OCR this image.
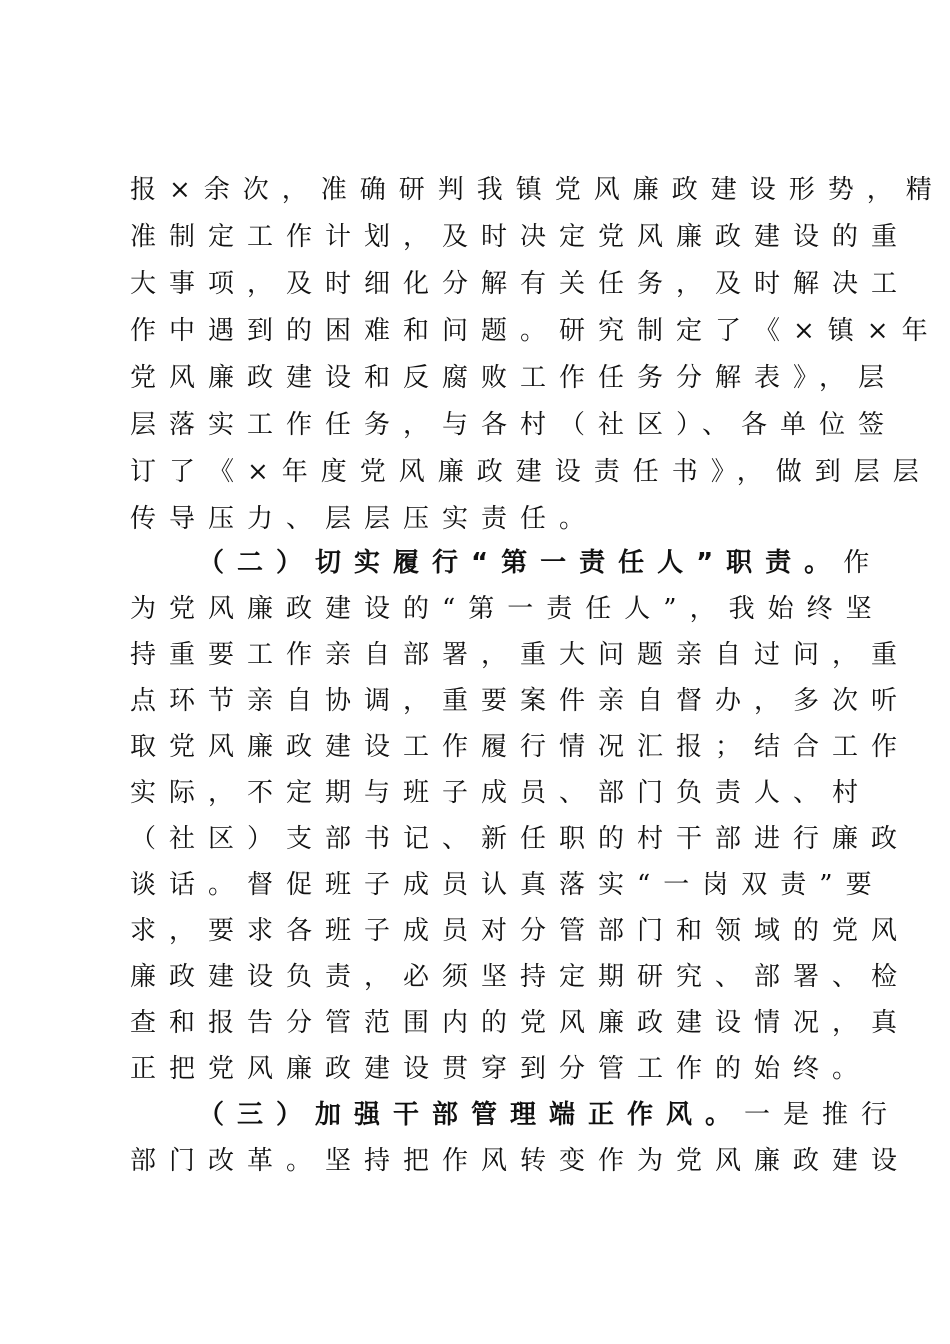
报×余次，准确研判我镇党风廉政建设形势，精
准制定工作计划，及时决定党风廉政建设的重
大事项，及时细化分解有关任务，及时解决工
作中遇到的困难和问题。研究制定了《×镇×年
党风廉政建设和反腐败工作任务分解表》，层
层落实工作任务，与各村（社区）、各单位签
订了《×年度党风廉政建设责任书》，做到层层
传导压力、层层压实责任。
（二）切实履行“第一责任人”职责。作
为党风廉政建设的“第一责任人”，我始终坚
持重要工作亲自部署，重大问题亲自过问，重
点环节亲自协调，重要案件亲自督办，多次听
取党风廉政建设工作履行情况汇报；结合工作
实际，不定期与班子成员、部门负责人、村
（社区）支部书记、新任职的村干部进行廉政
谈话。督促班子成员认真落实“一岗双责”要
求，要求各班子成员对分管部门和领域的党风
廉政建设负责，必须坚持定期研究、部署、检
查和报告分管范围内的党风廉政建设情况，真
正把党风廉政建设贯穿到分管工作的始终。
（三）加强干部管理端正作风。一是推行
部门改革。坚持把作风转变作为党风廉政建设
